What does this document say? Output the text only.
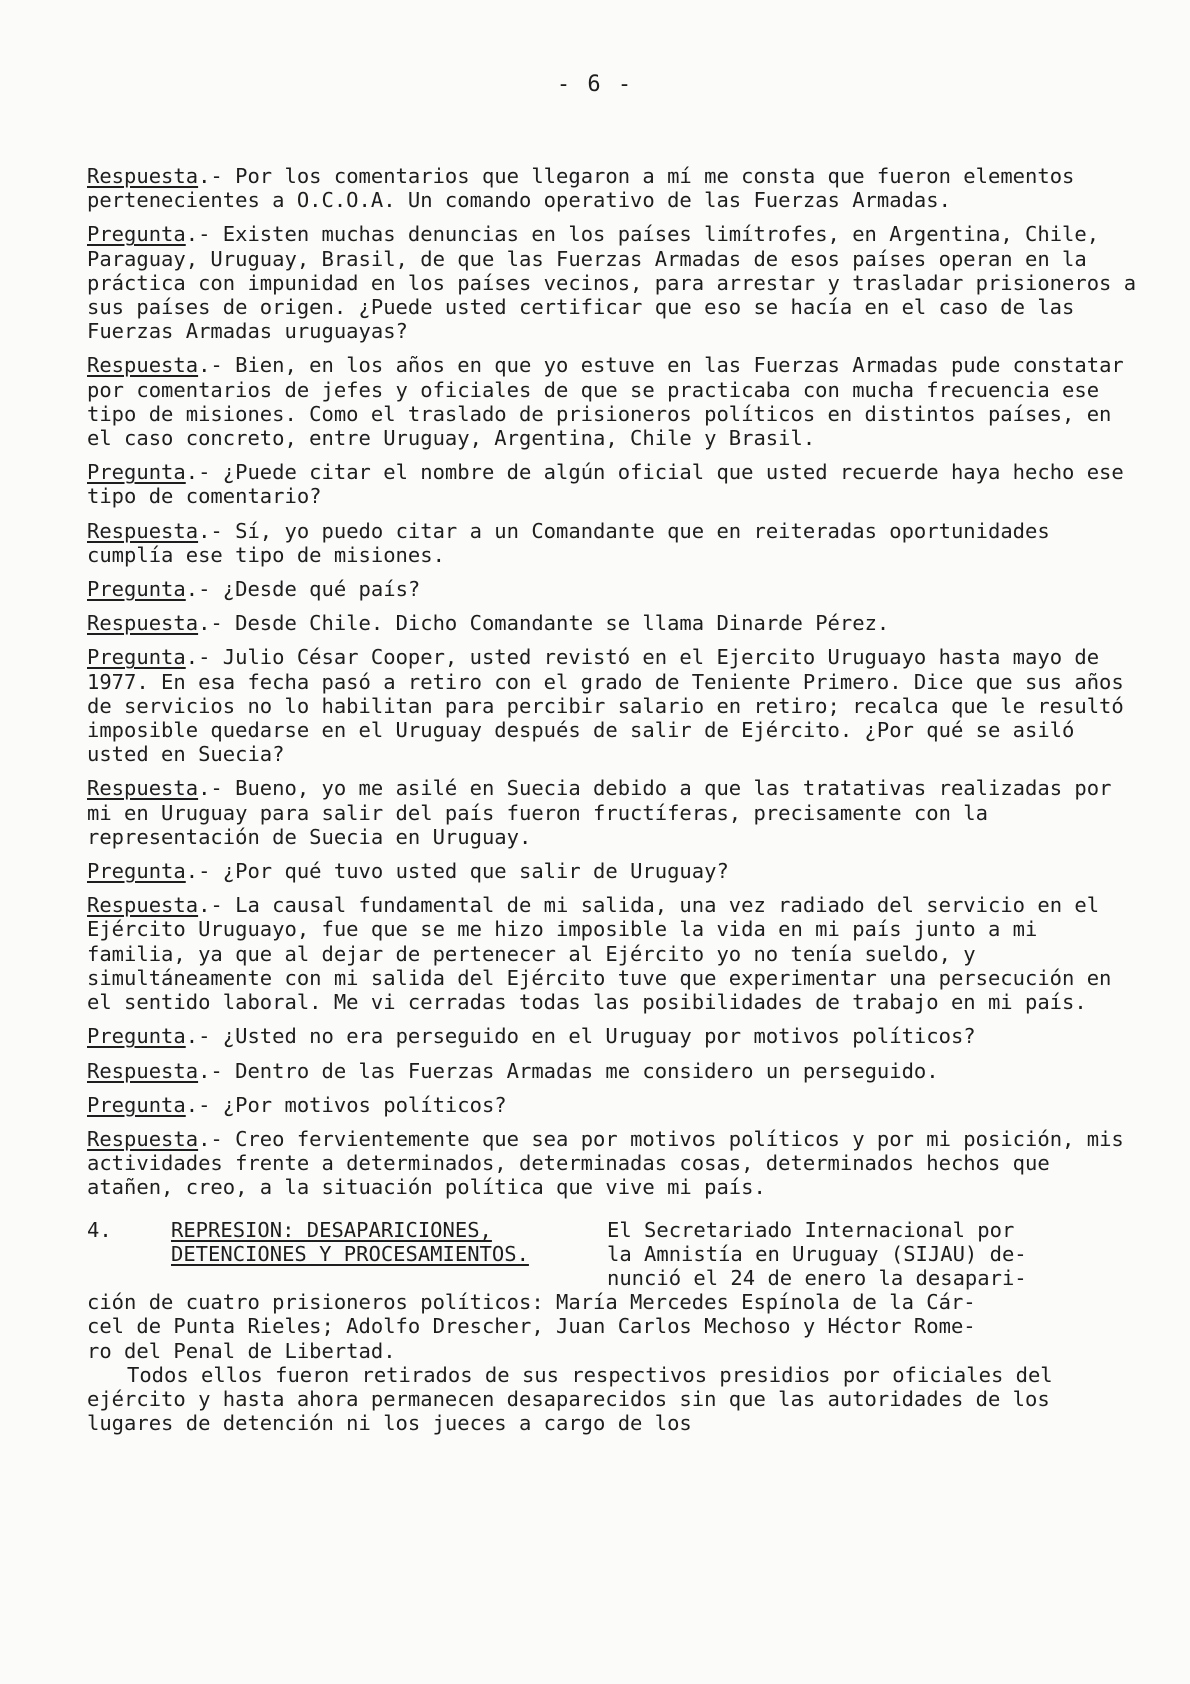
- 6 -

Respuesta.- Por los comentarios que llegaron a mí me consta que fueron elementos pertenecientes a O.C.O.A. Un comando operativo de las Fuerzas Armadas.

Pregunta.- Existen muchas denuncias en los países limítrofes, en Argentina, Chile, Paraguay, Uruguay, Brasil, de que las Fuerzas Armadas de esos países operan en la práctica con impunidad en los países vecinos, para arrestar y trasladar prisioneros a sus países de origen. ¿Puede usted certificar que eso se hacía en el caso de las Fuerzas Armadas uruguayas?

Respuesta.- Bien, en los años en que yo estuve en las Fuerzas Armadas pude constatar por comentarios de jefes y oficiales de que se practicaba con mucha frecuencia ese tipo de misiones. Como el traslado de prisioneros políticos en distintos países, en el caso concreto, entre Uruguay, Argentina, Chile y Brasil.

Pregunta.- ¿Puede citar el nombre de algún oficial que usted recuerde haya hecho ese tipo de comentario?

Respuesta.- Sí, yo puedo citar a un Comandante que en reiteradas oportunidades cumplía ese tipo de misiones.

Pregunta.- ¿Desde qué país?

Respuesta.- Desde Chile. Dicho Comandante se llama Dinarde Pérez.

Pregunta.- Julio César Cooper, usted revistó en el Ejercito Uruguayo hasta mayo de 1977. En esa fecha pasó a retiro con el grado de Teniente Primero. Dice que sus años de servicios no lo habilitan para percibir salario en retiro; recalca que le resultó imposible quedarse en el Uruguay después de salir de Ejército. ¿Por qué se asiló usted en Suecia?

Respuesta.- Bueno, yo me asilé en Suecia debido a que las tratativas realizadas por mi en Uruguay para salir del país fueron fructíferas, precisamente con la representación de Suecia en Uruguay.

Pregunta.- ¿Por qué tuvo usted que salir de Uruguay?

Respuesta.- La causal fundamental de mi salida, una vez radiado del servicio en el Ejército Uruguayo, fue que se me hizo imposible la vida en mi país junto a mi familia, ya que al dejar de pertenecer al Ejército yo no tenía sueldo, y simultáneamente con mi salida del Ejército tuve que experimentar una persecución en el sentido laboral. Me vi cerradas todas las posibilidades de trabajo en mi país.

Pregunta.- ¿Usted no era perseguido en el Uruguay por motivos políticos?

Respuesta.- Dentro de las Fuerzas Armadas me considero un perseguido.

Pregunta.- ¿Por motivos políticos?

Respuesta.- Creo fervientemente que sea por motivos políticos y por mi posición, mis actividades frente a determinados, determinadas cosas, determinados hechos que atañen, creo, a la situación política que vive mi país.

4.	REPRESION: DESAPARICIONES,
DETENCIONES Y PROCESAMIENTOS.
El Secretariado Internacional por
la Amnistía en Uruguay (SIJAU) de-
nunció el 24 de enero la desapari-

ción de cuatro prisioneros políticos: María Mercedes Espínola de la Cár-
cel de Punta Rieles; Adolfo Drescher, Juan Carlos Mechoso y Héctor Rome-
ro del Penal de Libertad.

Todos ellos fueron retirados de sus respectivos presidios por oficiales del ejército y hasta ahora permanecen desaparecidos sin que las autoridades de los lugares de detención ni los jueces a cargo de los
